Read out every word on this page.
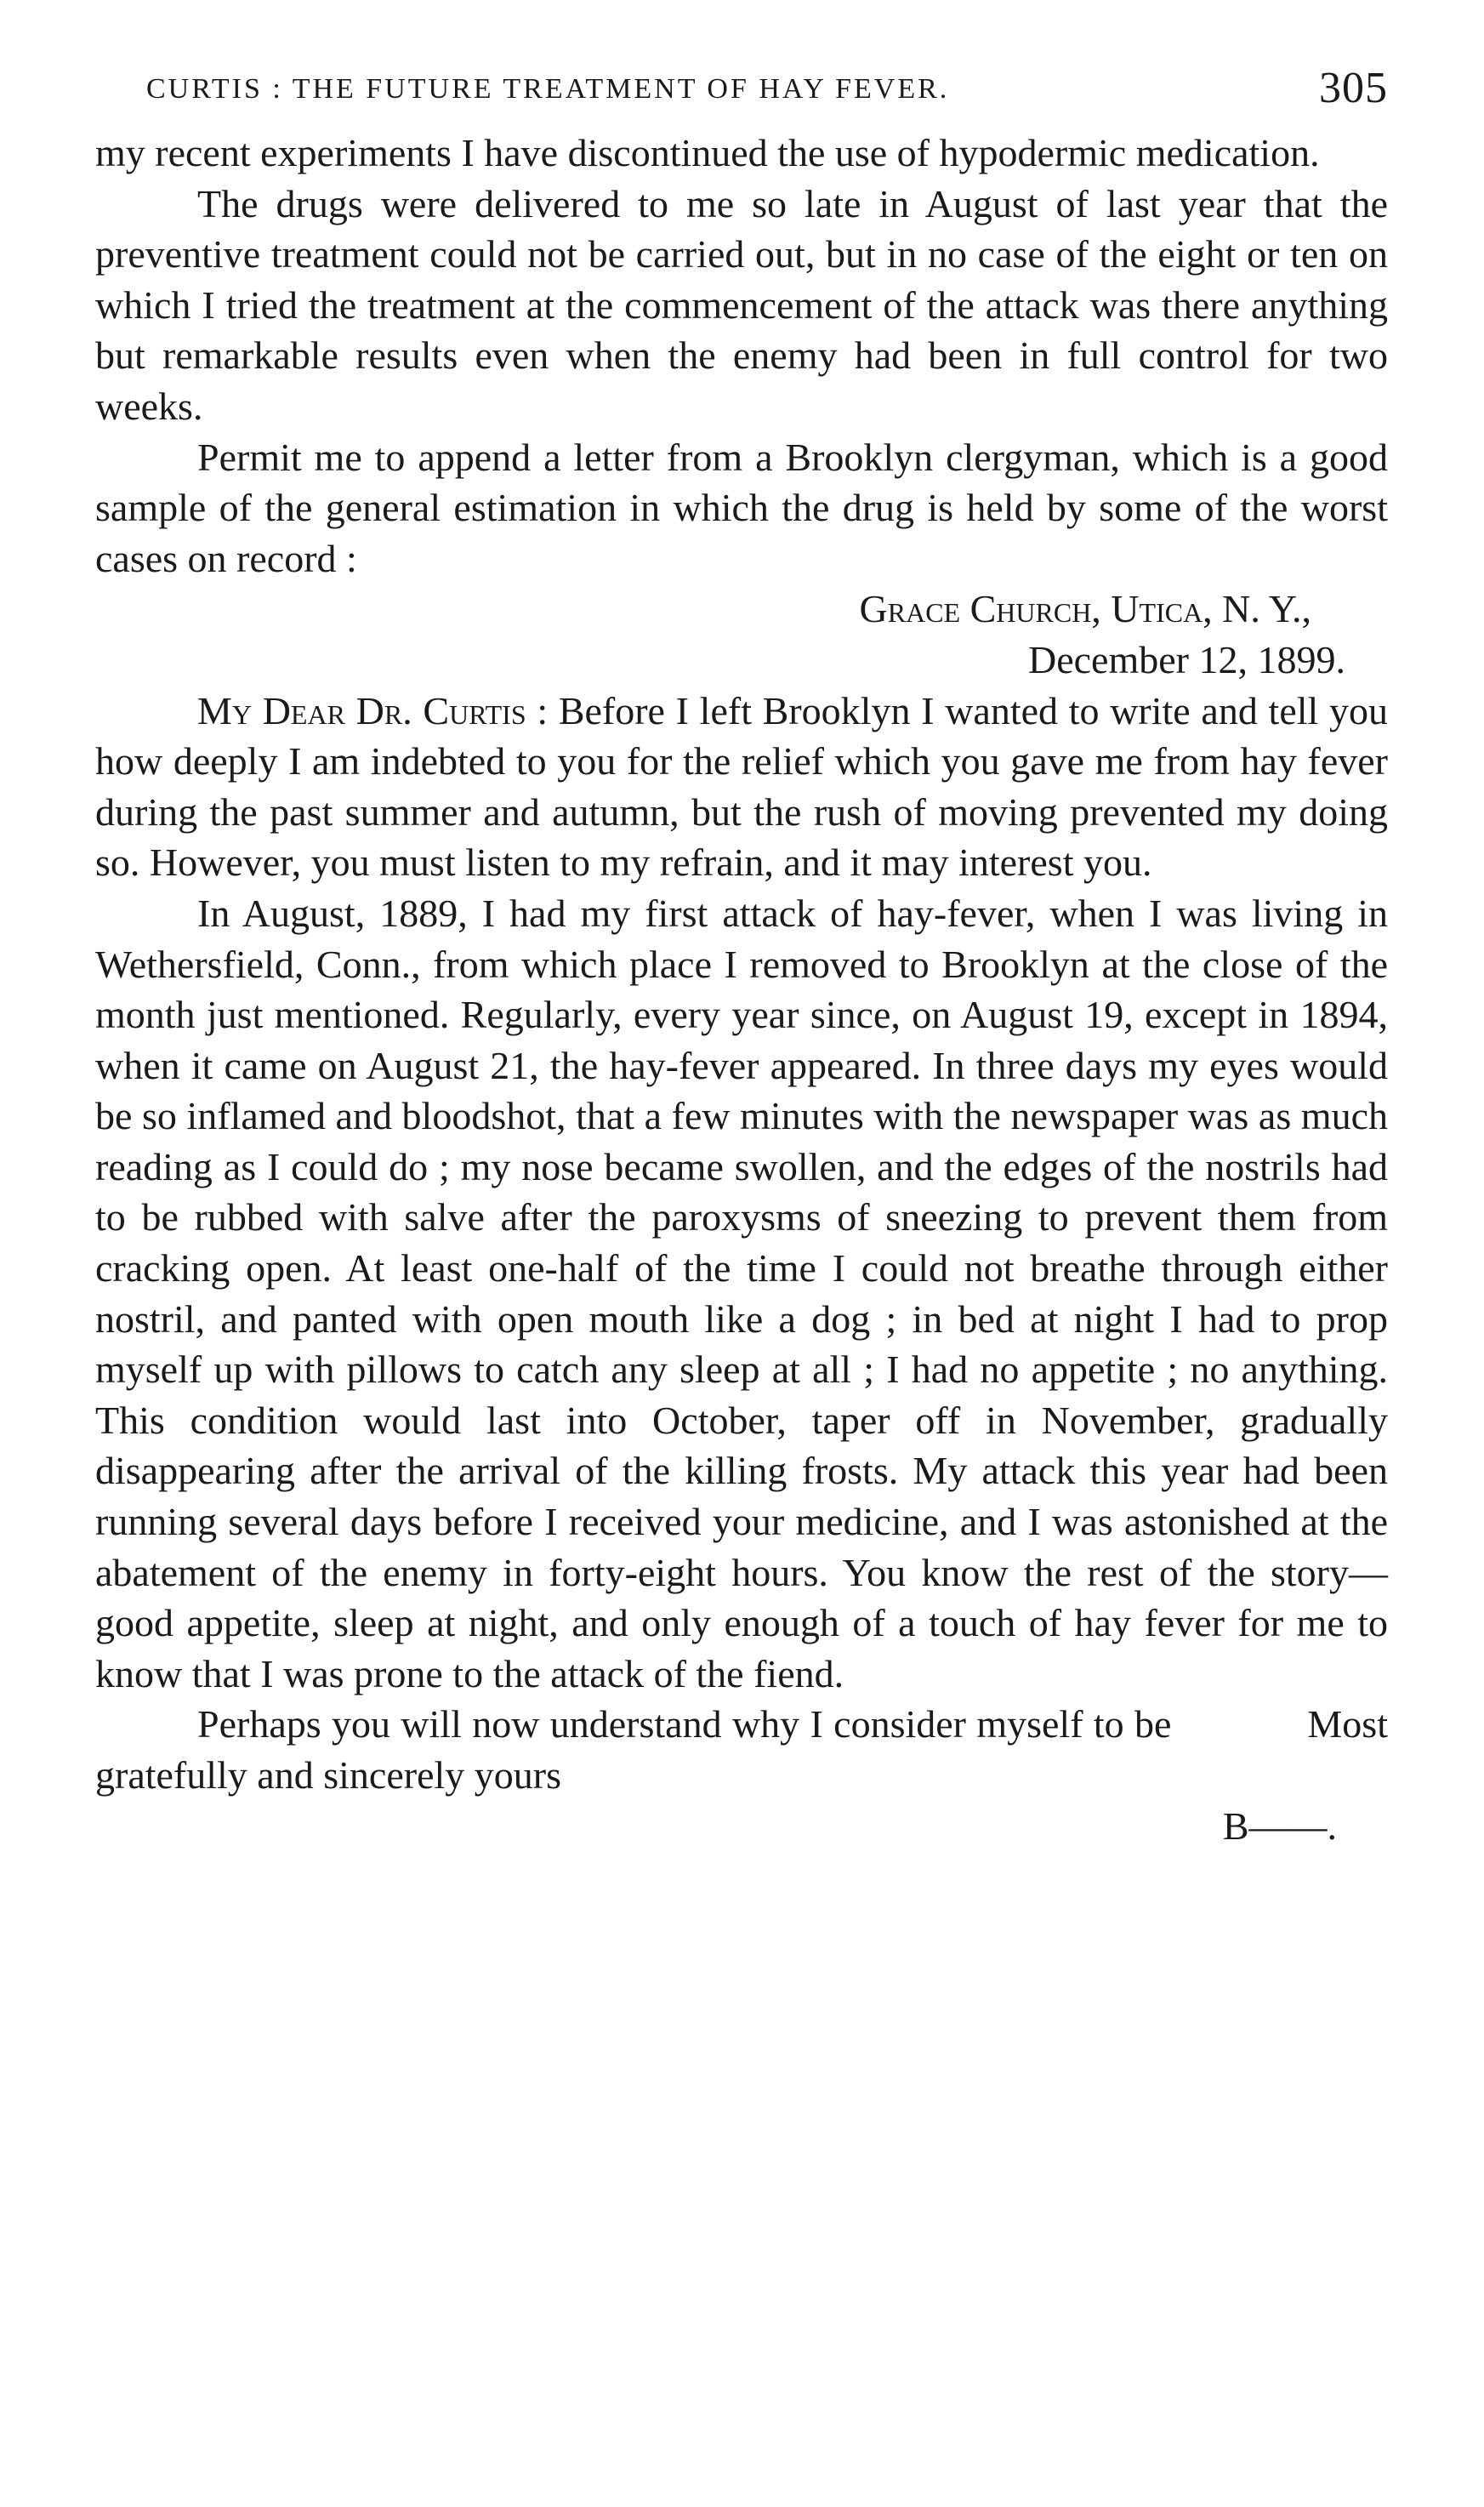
CURTIS : THE FUTURE TREATMENT OF HAY FEVER.	305

my recent experiments I have discontinued the use of hypodermic medication.

The drugs were delivered to me so late in August of last year that the preventive treatment could not be carried out, but in no case of the eight or ten on which I tried the treatment at the commencement of the attack was there anything but remarkable results even when the enemy had been in full control for two weeks.

Permit me to append a letter from a Brooklyn clergyman, which is a good sample of the general estimation in which the drug is held by some of the worst cases on record :

Grace Church, Utica, N. Y.,
December 12, 1899.

My Dear Dr. Curtis : Before I left Brooklyn I wanted to write and tell you how deeply I am indebted to you for the relief which you gave me from hay fever during the past summer and autumn, but the rush of moving prevented my doing so. However, you must listen to my refrain, and it may interest you.

In August, 1889, I had my first attack of hay-fever, when I was living in Wethersfield, Conn., from which place I removed to Brooklyn at the close of the month just mentioned. Regularly, every year since, on August 19, except in 1894, when it came on August 21, the hay-fever appeared. In three days my eyes would be so inflamed and bloodshot, that a few minutes with the newspaper was as much reading as I could do ; my nose became swollen, and the edges of the nostrils had to be rubbed with salve after the paroxysms of sneezing to prevent them from cracking open. At least one-half of the time I could not breathe through either nostril, and panted with open mouth like a dog ; in bed at night I had to prop myself up with pillows to catch any sleep at all ; I had no appetite ; no anything. This condition would last into October, taper off in November, gradually disappearing after the arrival of the killing frosts. My attack this year had been running several days before I received your medicine, and I was astonished at the abatement of the enemy in forty-eight hours. You know the rest of the story—good appetite, sleep at night, and only enough of a touch of hay fever for me to know that I was prone to the attack of the fiend.

Perhaps you will now understand why I consider myself to be	Most gratefully and sincerely yours

B——.
